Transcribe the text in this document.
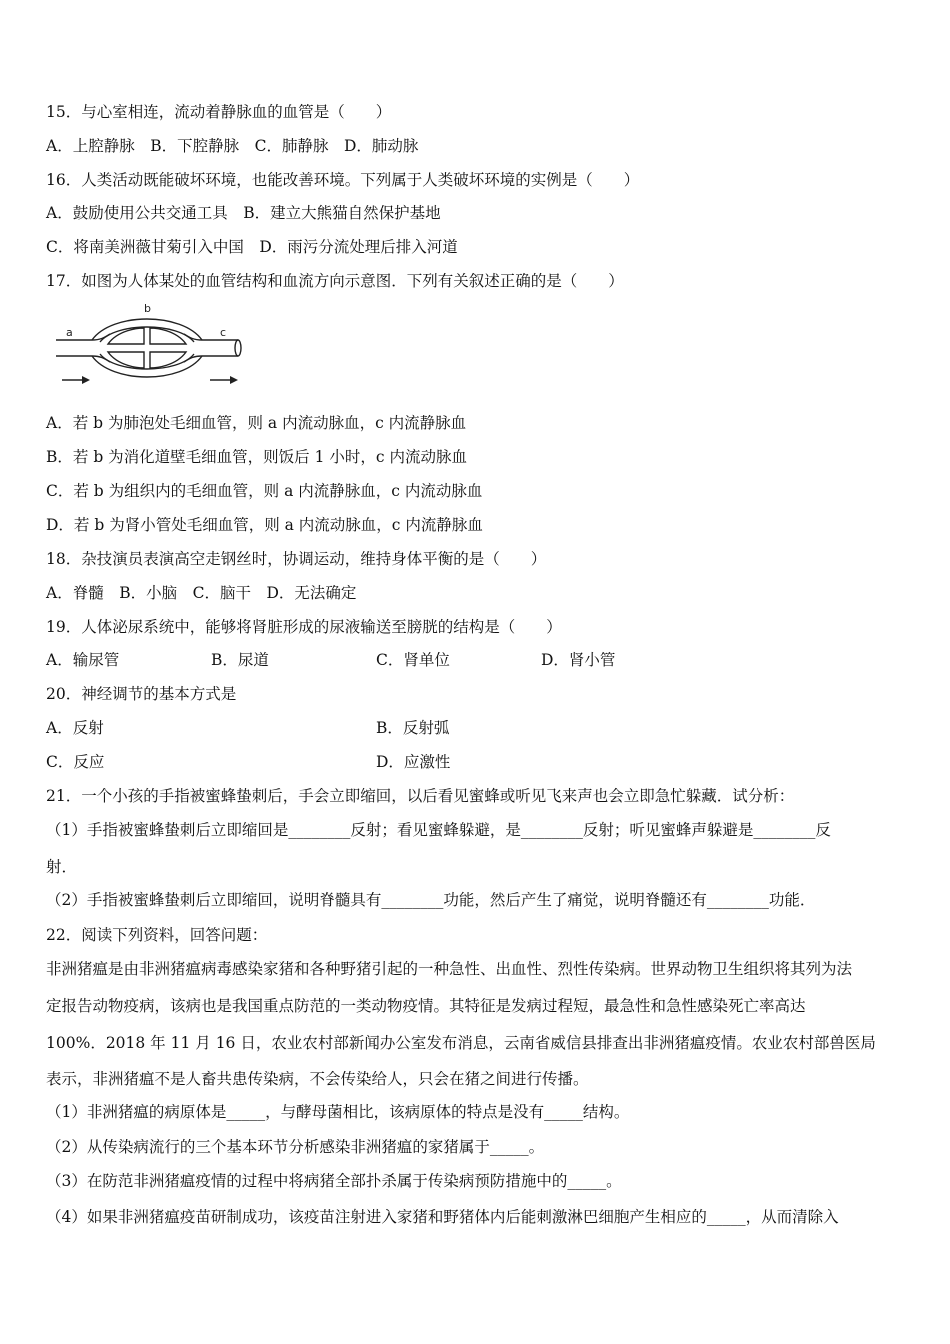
15．与心室相连，流动着静脉血的血管是（　　）
A．上腔静脉　B．下腔静脉　C．肺静脉　D．肺动脉
16．人类活动既能破坏环境，也能改善环境。下列属于人类破坏环境的实例是（　　）
A．鼓励使用公共交通工具　B．建立大熊猫自然保护基地
C．将南美洲薇甘菊引入中国　D．雨污分流处理后排入河道
17．如图为人体某处的血管结构和血流方向示意图．下列有关叙述正确的是（　　）
a
b
c
A．若 b 为肺泡处毛细血管，则 a 内流动脉血，c 内流静脉血
B．若 b 为消化道壁毛细血管，则饭后 1 小时，c 内流动脉血
C．若 b 为组织内的毛细血管，则 a 内流静脉血，c 内流动脉血
D．若 b 为肾小管处毛细血管，则 a 内流动脉血，c 内流静脉血
18．杂技演员表演高空走钢丝时，协调运动，维持身体平衡的是（　　）
A．脊髓　B．小脑　C．脑干　D．无法确定
19．人体泌尿系统中，能够将肾脏形成的尿液输送至膀胱的结构是（　　）
A．输尿管	B．尿道	C．肾单位	D．肾小管
20．神经调节的基本方式是
A．反射	B．反射弧
C．反应	D．应激性
21．一个小孩的手指被蜜蜂蛰刺后，手会立即缩回，以后看见蜜蜂或听见飞来声也会立即急忙躲藏．试分析：
（1）手指被蜜蜂蛰刺后立即缩回是________反射；看见蜜蜂躲避，是________反射；听见蜜蜂声躲避是________反
射．
（2）手指被蜜蜂蛰刺后立即缩回，说明脊髓具有________功能，然后产生了痛觉，说明脊髓还有________功能．
22．阅读下列资料，回答问题：
非洲猪瘟是由非洲猪瘟病毒感染家猪和各种野猪引起的一种急性、出血性、烈性传染病。世界动物卫生组织将其列为法
定报告动物疫病，该病也是我国重点防范的一类动物疫情。其特征是发病过程短，最急性和急性感染死亡率高达
100%．2018 年 11 月 16 日，农业农村部新闻办公室发布消息，云南省威信县排查出非洲猪瘟疫情。农业农村部兽医局
表示，非洲猪瘟不是人畜共患传染病，不会传染给人，只会在猪之间进行传播。
（1）非洲猪瘟的病原体是_____，与酵母菌相比，该病原体的特点是没有_____结构。
（2）从传染病流行的三个基本环节分析感染非洲猪瘟的家猪属于_____。
（3）在防范非洲猪瘟疫情的过程中将病猪全部扑杀属于传染病预防措施中的_____。
（4）如果非洲猪瘟疫苗研制成功，该疫苗注射进入家猪和野猪体内后能刺激淋巴细胞产生相应的_____，从而清除入
